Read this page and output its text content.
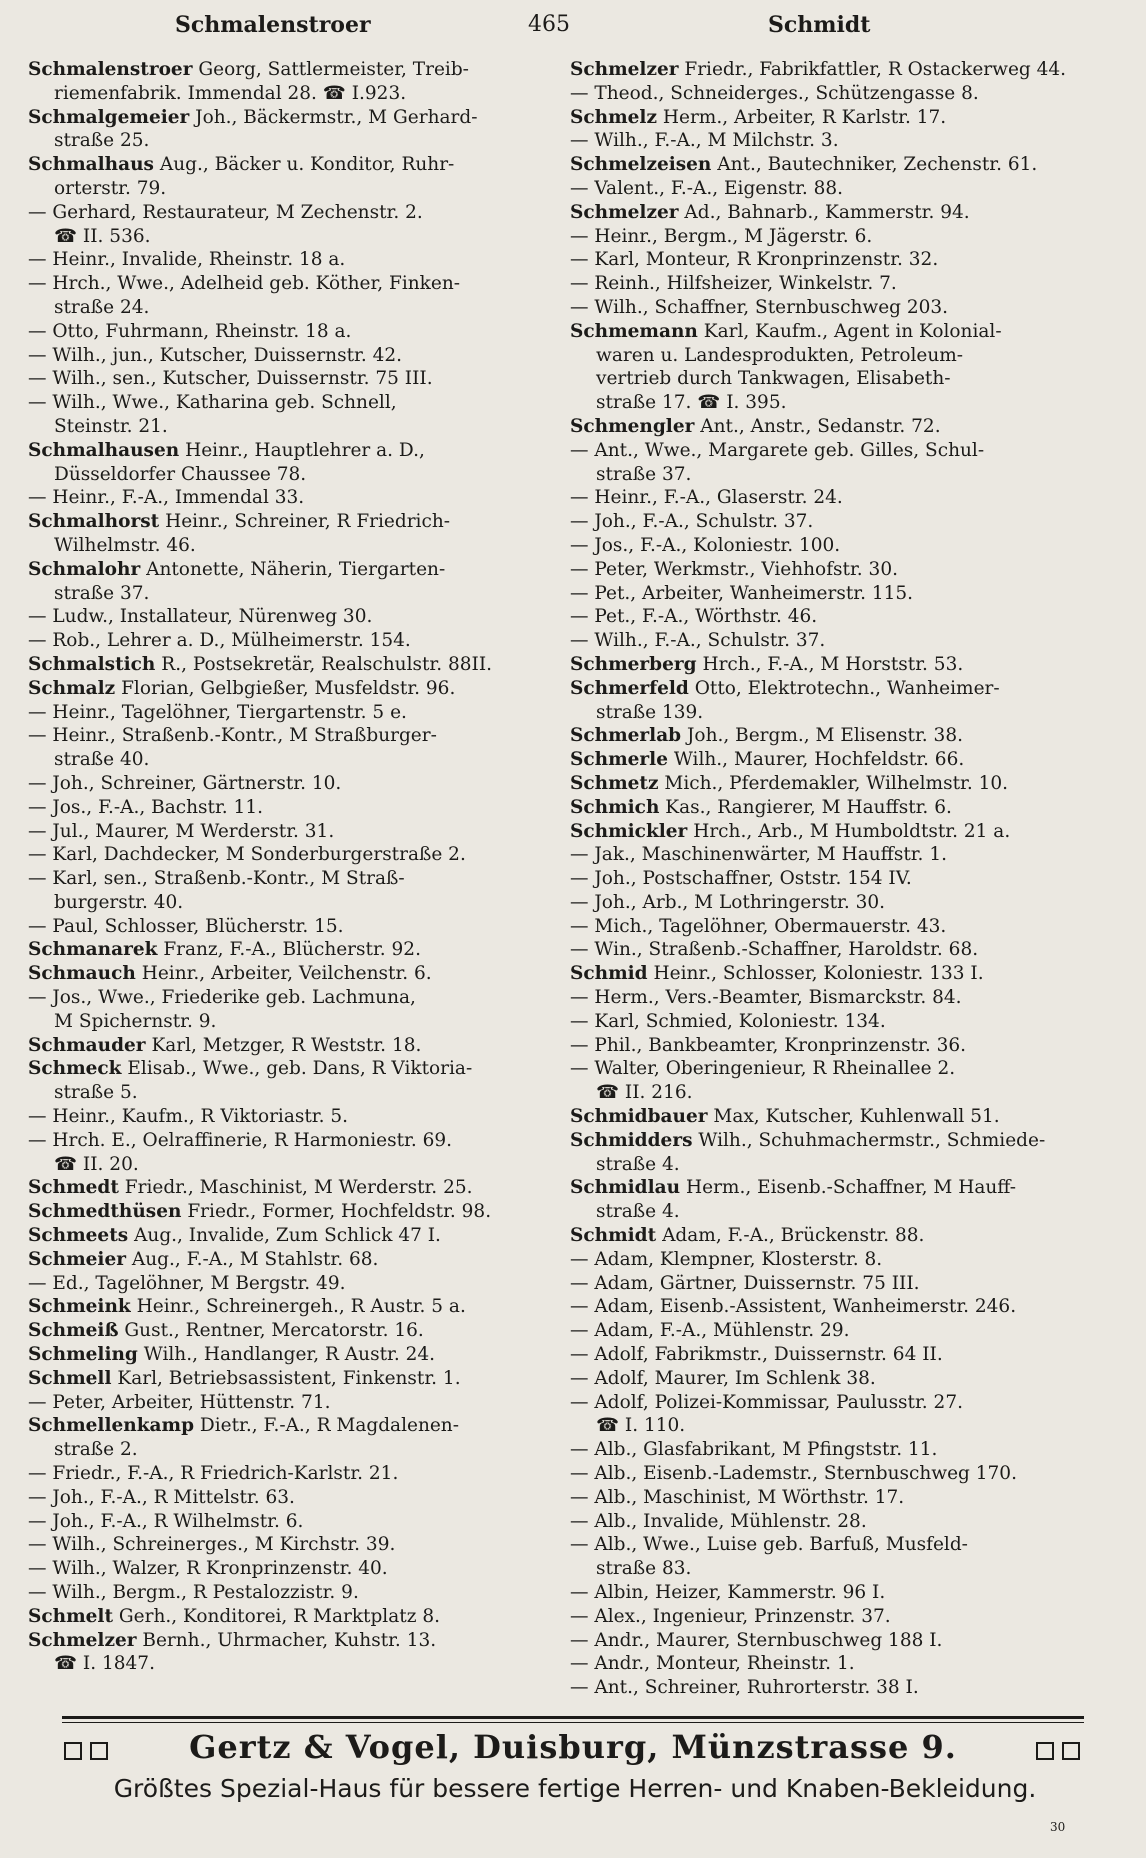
Schmalenstroer	465	Schmidt
Schmalenstroer Georg, Sattlermeister, Treib-
riemenfabrik. Immendal 28. ☎ I.923.
Schmalgemeier Joh., Bäckermstr., M Gerhard-
straße 25.
Schmalhaus Aug., Bäcker u. Konditor, Ruhr-
orterstr. 79.
— Gerhard, Restaurateur, M Zechenstr. 2.
☎ II. 536.
— Heinr., Invalide, Rheinstr. 18 a.
— Hrch., Wwe., Adelheid geb. Köther, Finken-
straße 24.
— Otto, Fuhrmann, Rheinstr. 18 a.
— Wilh., jun., Kutscher, Duissernstr. 42.
— Wilh., sen., Kutscher, Duissernstr. 75 III.
— Wilh., Wwe., Katharina geb. Schnell,
Steinstr. 21.
Schmalhausen Heinr., Hauptlehrer a. D.,
Düsseldorfer Chaussee 78.
— Heinr., F.-A., Immendal 33.
Schmalhorst Heinr., Schreiner, R Friedrich-
Wilhelmstr. 46.
Schmalohr Antonette, Näherin, Tiergarten-
straße 37.
— Ludw., Installateur, Nürenweg 30.
— Rob., Lehrer a. D., Mülheimerstr. 154.
Schmalstich R., Postsekretär, Realschulstr. 88II.
Schmalz Florian, Gelbgießer, Musfeldstr. 96.
— Heinr., Tagelöhner, Tiergartenstr. 5 e.
— Heinr., Straßenb.-Kontr., M Straßburger-
straße 40.
— Joh., Schreiner, Gärtnerstr. 10.
— Jos., F.-A., Bachstr. 11.
— Jul., Maurer, M Werderstr. 31.
— Karl, Dachdecker, M Sonderburgerstraße 2.
— Karl, sen., Straßenb.-Kontr., M Straß-
burgerstr. 40.
— Paul, Schlosser, Blücherstr. 15.
Schmanarek Franz, F.-A., Blücherstr. 92.
Schmauch Heinr., Arbeiter, Veilchenstr. 6.
— Jos., Wwe., Friederike geb. Lachmuna,
M Spichernstr. 9.
Schmauder Karl, Metzger, R Weststr. 18.
Schmeck Elisab., Wwe., geb. Dans, R Viktoria-
straße 5.
— Heinr., Kaufm., R Viktoriastr. 5.
— Hrch. E., Oelraffinerie, R Harmoniestr. 69.
☎ II. 20.
Schmedt Friedr., Maschinist, M Werderstr. 25.
Schmedthüsen Friedr., Former, Hochfeldstr. 98.
Schmeets Aug., Invalide, Zum Schlick 47 I.
Schmeier Aug., F.-A., M Stahlstr. 68.
— Ed., Tagelöhner, M Bergstr. 49.
Schmeink Heinr., Schreinergeh., R Austr. 5 a.
Schmeiß Gust., Rentner, Mercatorstr. 16.
Schmeling Wilh., Handlanger, R Austr. 24.
Schmell Karl, Betriebsassistent, Finkenstr. 1.
— Peter, Arbeiter, Hüttenstr. 71.
Schmellenkamp Dietr., F.-A., R Magdalenen-
straße 2.
— Friedr., F.-A., R Friedrich-Karlstr. 21.
— Joh., F.-A., R Mittelstr. 63.
— Joh., F.-A., R Wilhelmstr. 6.
— Wilh., Schreinerges., M Kirchstr. 39.
— Wilh., Walzer, R Kronprinzenstr. 40.
— Wilh., Bergm., R Pestalozzistr. 9.
Schmelt Gerh., Konditorei, R Marktplatz 8.
Schmelzer Bernh., Uhrmacher, Kuhstr. 13.
☎ I. 1847.
Schmelzer Friedr., Fabrikfattler, R Ostackerweg 44.
— Theod., Schneiderges., Schützengasse 8.
Schmelz Herm., Arbeiter, R Karlstr. 17.
— Wilh., F.-A., M Milchstr. 3.
Schmelzeisen Ant., Bautechniker, Zechenstr. 61.
— Valent., F.-A., Eigenstr. 88.
Schmelzer Ad., Bahnarb., Kammerstr. 94.
— Heinr., Bergm., M Jägerstr. 6.
— Karl, Monteur, R Kronprinzenstr. 32.
— Reinh., Hilfsheizer, Winkelstr. 7.
— Wilh., Schaffner, Sternbuschweg 203.
Schmemann Karl, Kaufm., Agent in Kolonial-
waren u. Landesprodukten, Petroleum-
vertrieb durch Tankwagen, Elisabeth-
straße 17. ☎ I. 395.
Schmengler Ant., Anstr., Sedanstr. 72.
— Ant., Wwe., Margarete geb. Gilles, Schul-
straße 37.
— Heinr., F.-A., Glaserstr. 24.
— Joh., F.-A., Schulstr. 37.
— Jos., F.-A., Koloniestr. 100.
— Peter, Werkmstr., Viehhofstr. 30.
— Pet., Arbeiter, Wanheimerstr. 115.
— Pet., F.-A., Wörthstr. 46.
— Wilh., F.-A., Schulstr. 37.
Schmerberg Hrch., F.-A., M Horststr. 53.
Schmerfeld Otto, Elektrotechn., Wanheimer-
straße 139.
Schmerlab Joh., Bergm., M Elisenstr. 38.
Schmerle Wilh., Maurer, Hochfeldstr. 66.
Schmetz Mich., Pferdemakler, Wilhelmstr. 10.
Schmich Kas., Rangierer, M Hauffstr. 6.
Schmickler Hrch., Arb., M Humboldtstr. 21 a.
— Jak., Maschinenwärter, M Hauffstr. 1.
— Joh., Postschaffner, Oststr. 154 IV.
— Joh., Arb., M Lothringerstr. 30.
— Mich., Tagelöhner, Obermauerstr. 43.
— Win., Straßenb.-Schaffner, Haroldstr. 68.
Schmid Heinr., Schlosser, Koloniestr. 133 I.
— Herm., Vers.-Beamter, Bismarckstr. 84.
— Karl, Schmied, Koloniestr. 134.
— Phil., Bankbeamter, Kronprinzenstr. 36.
— Walter, Oberingenieur, R Rheinallee 2.
☎ II. 216.
Schmidbauer Max, Kutscher, Kuhlenwall 51.
Schmidders Wilh., Schuhmachermstr., Schmiede-
straße 4.
Schmidlau Herm., Eisenb.-Schaffner, M Hauff-
straße 4.
Schmidt Adam, F.-A., Brückenstr. 88.
— Adam, Klempner, Klosterstr. 8.
— Adam, Gärtner, Duissernstr. 75 III.
— Adam, Eisenb.-Assistent, Wanheimerstr. 246.
— Adam, F.-A., Mühlenstr. 29.
— Adolf, Fabrikmstr., Duissernstr. 64 II.
— Adolf, Maurer, Im Schlenk 38.
— Adolf, Polizei-Kommissar, Paulusstr. 27.
☎ I. 110.
— Alb., Glasfabrikant, M Pfingststr. 11.
— Alb., Eisenb.-Lademstr., Sternbuschweg 170.
— Alb., Maschinist, M Wörthstr. 17.
— Alb., Invalide, Mühlenstr. 28.
— Alb., Wwe., Luise geb. Barfuß, Musfeld-
straße 83.
— Albin, Heizer, Kammerstr. 96 I.
— Alex., Ingenieur, Prinzenstr. 37.
— Andr., Maurer, Sternbuschweg 188 I.
— Andr., Monteur, Rheinstr. 1.
— Ant., Schreiner, Ruhrorterstr. 38 I.
Gertz & Vogel, Duisburg, Münzstrasse 9.
Größtes Spezial-Haus für bessere fertige Herren- und Knaben-Bekleidung.
30
